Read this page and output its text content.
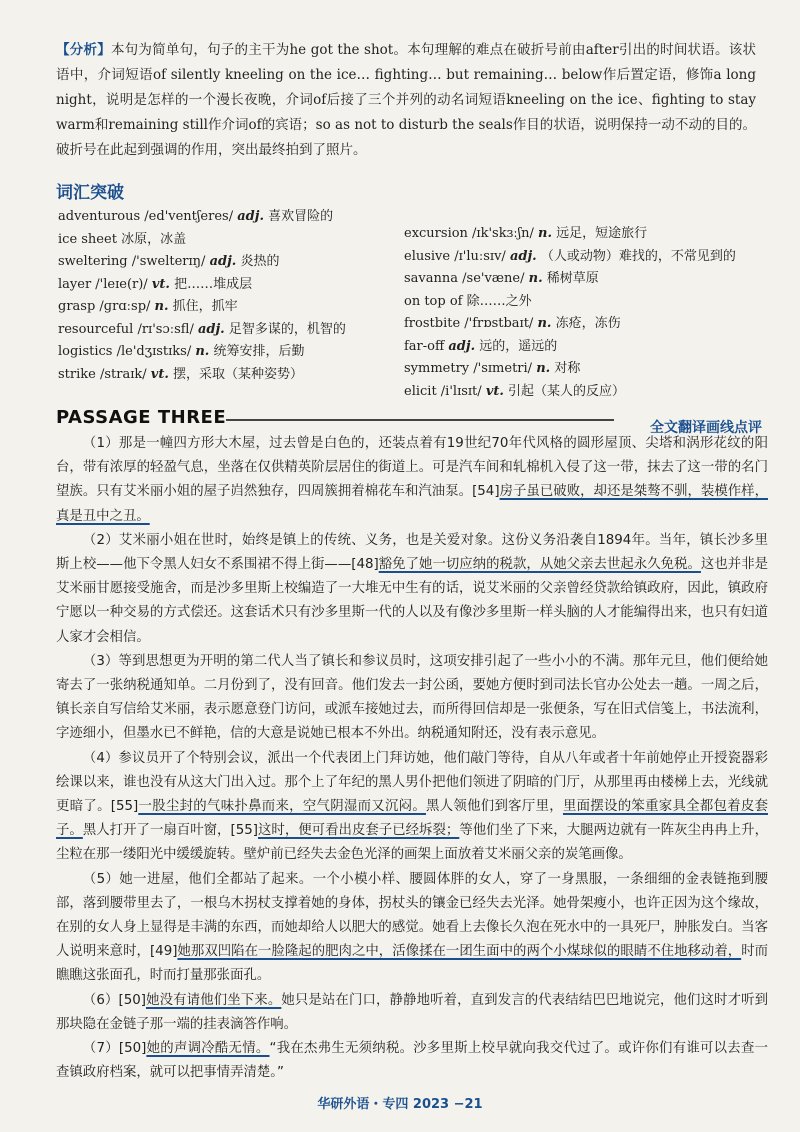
【分析】本句为简单句，句子的主干为he got the shot。本句理解的难点在破折号前由after引出的时间状语。该状语中，介词短语of silently kneeling on the ice… fighting… but remaining… below作后置定语，修饰a long night，说明是怎样的一个漫长夜晚，介词of后接了三个并列的动名词短语kneeling on the ice、fighting to stay warm和remaining still作介词of的宾语；so as not to disturb the seals作目的状语，说明保持一动不动的目的。破折号在此起到强调的作用，突出最终拍到了照片。
词汇突破
adventurous /ed'ventʃeres/ adj. 喜欢冒险的
ice sheet 冰原，冰盖
sweltering /'swelterɪŋ/ adj. 炎热的
layer /'leɪe(r)/ vt. 把……堆成层
grasp /ɡrɑːsp/ n. 抓住，抓牢
resourceful /rɪ'sɔːsfl/ adj. 足智多谋的，机智的
logistics /le'dʒɪstɪks/ n. 统筹安排，后勤
strike /straɪk/ vt. 摆，采取（某种姿势）
excursion /ɪk'skɜːʃn/ n. 远足，短途旅行
elusive /ɪ'luːsɪv/ adj. （人或动物）难找的，不常见到的
savanna /se'væne/ n. 稀树草原
on top of 除……之外
frostbite /'frɒstbaɪt/ n. 冻疮，冻伤
far-off adj. 远的，遥远的
symmetry /'sɪmetri/ n. 对称
elicit /i'lɪsɪt/ vt. 引起（某人的反应）
PASSAGE THREE	全文翻译画线点评

（1）那是一幢四方形大木屋，过去曾是白色的，还装点着有19世纪70年代风格的圆形屋顶、尖塔和涡形花纹的阳台，带有浓厚的轻盈气息，坐落在仅供精英阶层居住的街道上。可是汽车间和轧棉机入侵了这一带，抹去了这一带的名门望族。只有艾米丽小姐的屋子岿然独存，四周簇拥着棉花车和汽油泵。[54]房子虽已破败，却还是桀骜不驯，装模作样，真是丑中之丑。

（2）艾米丽小姐在世时，始终是镇上的传统、义务，也是关爱对象。这份义务沿袭自1894年。当年，镇长沙多里斯上校——他下令黑人妇女不系围裙不得上街——[48]豁免了她一切应纳的税款，从她父亲去世起永久免税。这也并非是艾米丽甘愿接受施舍，而是沙多里斯上校编造了一大堆无中生有的话，说艾米丽的父亲曾经贷款给镇政府，因此，镇政府宁愿以一种交易的方式偿还。这套话术只有沙多里斯一代的人以及有像沙多里斯一样头脑的人才能编得出来，也只有妇道人家才会相信。

（3）等到思想更为开明的第二代人当了镇长和参议员时，这项安排引起了一些小小的不满。那年元旦，他们便给她寄去了一张纳税通知单。二月份到了，没有回音。他们发去一封公函，要她方便时到司法长官办公处去一趟。一周之后，镇长亲自写信给艾米丽，表示愿意登门访问，或派车接她过去，而所得回信却是一张便条，写在旧式信笺上，书法流利，字迹细小，但墨水已不鲜艳，信的大意是说她已根本不外出。纳税通知附还，没有表示意见。

（4）参议员开了个特别会议，派出一个代表团上门拜访她，他们敲门等待，自从八年或者十年前她停止开授瓷器彩绘课以来，谁也没有从这大门出入过。那个上了年纪的黑人男仆把他们领进了阴暗的门厅，从那里再由楼梯上去，光线就更暗了。[55]一股尘封的气味扑鼻而来，空气阴湿而又沉闷。黑人领他们到客厅里，里面摆设的笨重家具全都包着皮套子。黑人打开了一扇百叶窗，[55]这时，便可看出皮套子已经坼裂；等他们坐了下来，大腿两边就有一阵灰尘冉冉上升，尘粒在那一缕阳光中缓缓旋转。壁炉前已经失去金色光泽的画架上面放着艾米丽父亲的炭笔画像。

（5）她一进屋，他们全都站了起来。一个小模小样、腰圆体胖的女人，穿了一身黑服，一条细细的金表链拖到腰部，落到腰带里去了，一根乌木拐杖支撑着她的身体，拐杖头的镶金已经失去光泽。她骨架瘦小，也许正因为这个缘故，在别的女人身上显得是丰满的东西，而她却给人以肥大的感觉。她看上去像长久泡在死水中的一具死尸，肿胀发白。当客人说明来意时，[49]她那双凹陷在一脸隆起的肥肉之中，活像揉在一团生面中的两个小煤球似的眼睛不住地移动着，时而瞧瞧这张面孔，时而打量那张面孔。

（6）[50]她没有请他们坐下来。她只是站在门口，静静地听着，直到发言的代表结结巴巴地说完，他们这时才听到那块隐在金链子那一端的挂表滴答作响。

（7）[50]她的声调冷酷无情。“我在杰弗生无须纳税。沙多里斯上校早就向我交代过了。或许你们有谁可以去查一查镇政府档案，就可以把事情弄清楚。”

华研外语・专四 2023 −21
